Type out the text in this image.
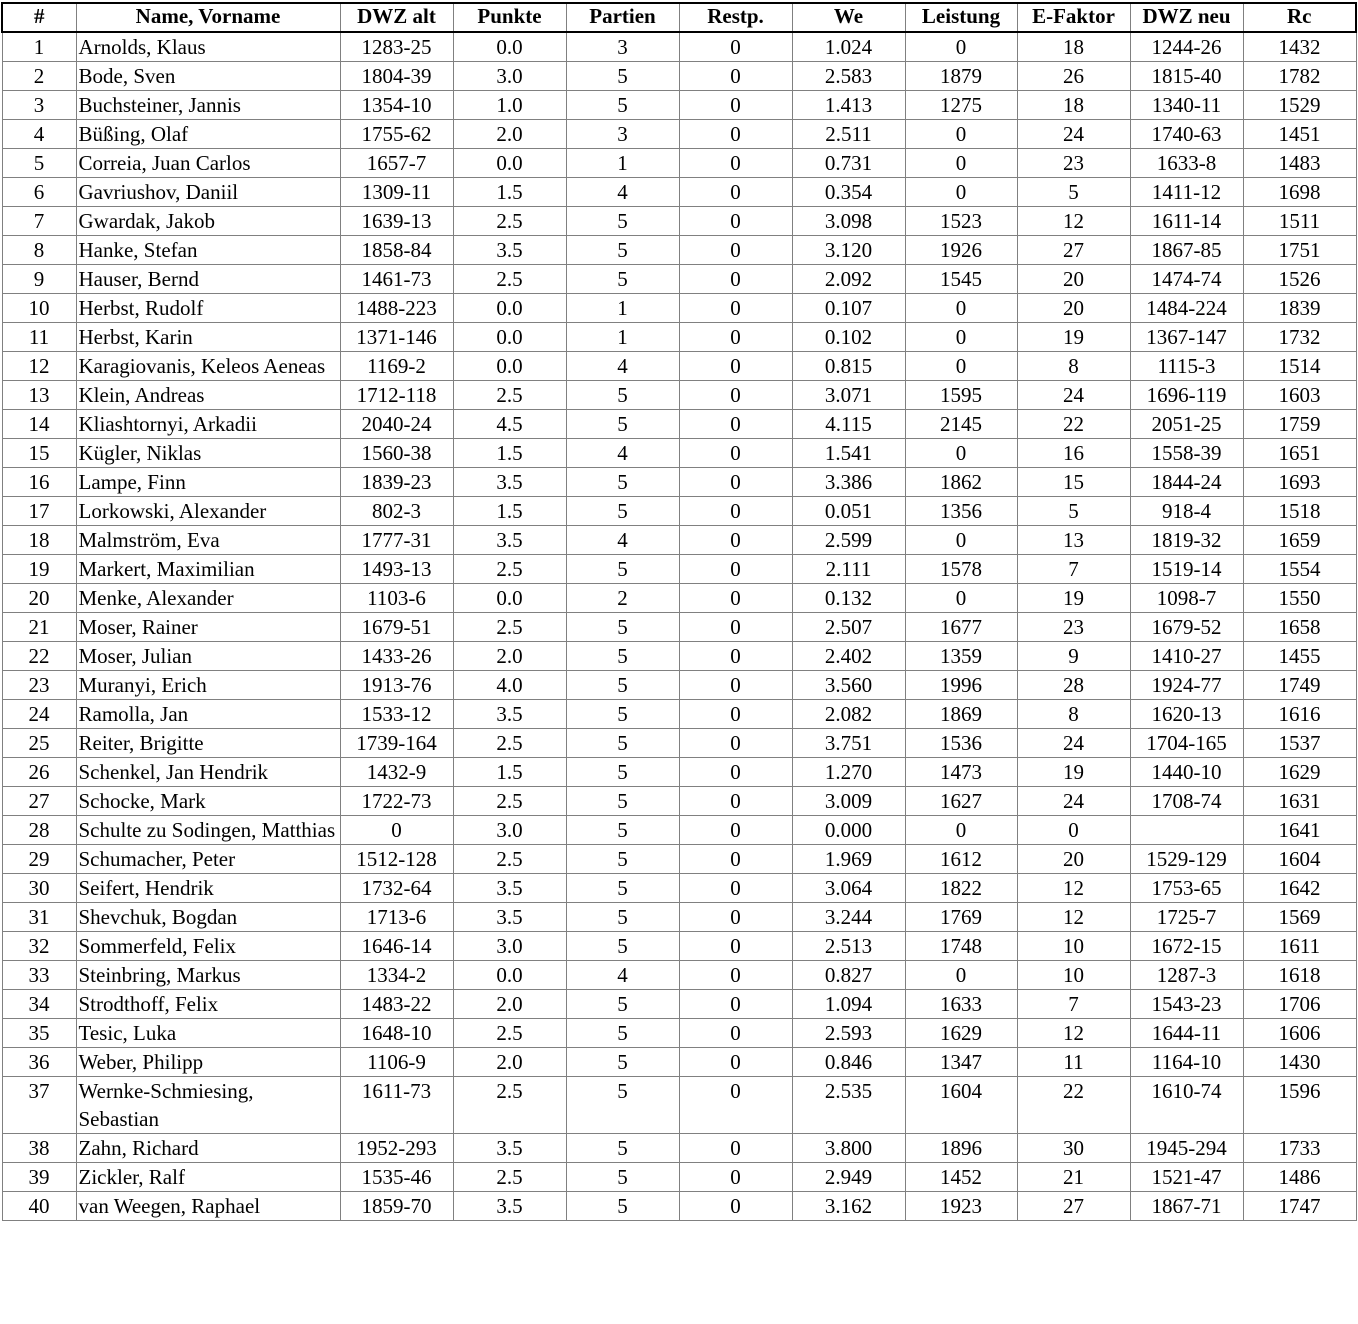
#	Name, Vorname	DWZ alt	Punkte	Partien	Restp.	We	Leistung	E-Faktor	DWZ neu	Rc
1	Arnolds, Klaus	1283-25	0.0	3	0	1.024	0	18	1244-26	1432
2	Bode, Sven	1804-39	3.0	5	0	2.583	1879	26	1815-40	1782
3	Buchsteiner, Jannis	1354-10	1.0	5	0	1.413	1275	18	1340-11	1529
4	Büßing, Olaf	1755-62	2.0	3	0	2.511	0	24	1740-63	1451
5	Correia, Juan Carlos	1657-7	0.0	1	0	0.731	0	23	1633-8	1483
6	Gavriushov, Daniil	1309-11	1.5	4	0	0.354	0	5	1411-12	1698
7	Gwardak, Jakob	1639-13	2.5	5	0	3.098	1523	12	1611-14	1511
8	Hanke, Stefan	1858-84	3.5	5	0	3.120	1926	27	1867-85	1751
9	Hauser, Bernd	1461-73	2.5	5	0	2.092	1545	20	1474-74	1526
10	Herbst, Rudolf	1488-223	0.0	1	0	0.107	0	20	1484-224	1839
11	Herbst, Karin	1371-146	0.0	1	0	0.102	0	19	1367-147	1732
12	Karagiovanis, Keleos Aeneas	1169-2	0.0	4	0	0.815	0	8	1115-3	1514
13	Klein, Andreas	1712-118	2.5	5	0	3.071	1595	24	1696-119	1603
14	Kliashtornyi, Arkadii	2040-24	4.5	5	0	4.115	2145	22	2051-25	1759
15	Kügler, Niklas	1560-38	1.5	4	0	1.541	0	16	1558-39	1651
16	Lampe, Finn	1839-23	3.5	5	0	3.386	1862	15	1844-24	1693
17	Lorkowski, Alexander	802-3	1.5	5	0	0.051	1356	5	918-4	1518
18	Malmström, Eva	1777-31	3.5	4	0	2.599	0	13	1819-32	1659
19	Markert, Maximilian	1493-13	2.5	5	0	2.111	1578	7	1519-14	1554
20	Menke, Alexander	1103-6	0.0	2	0	0.132	0	19	1098-7	1550
21	Moser, Rainer	1679-51	2.5	5	0	2.507	1677	23	1679-52	1658
22	Moser, Julian	1433-26	2.0	5	0	2.402	1359	9	1410-27	1455
23	Muranyi, Erich	1913-76	4.0	5	0	3.560	1996	28	1924-77	1749
24	Ramolla, Jan	1533-12	3.5	5	0	2.082	1869	8	1620-13	1616
25	Reiter, Brigitte	1739-164	2.5	5	0	3.751	1536	24	1704-165	1537
26	Schenkel, Jan Hendrik	1432-9	1.5	5	0	1.270	1473	19	1440-10	1629
27	Schocke, Mark	1722-73	2.5	5	0	3.009	1627	24	1708-74	1631
28	Schulte zu Sodingen, Matthias	0	3.0	5	0	0.000	0	0		1641
29	Schumacher, Peter	1512-128	2.5	5	0	1.969	1612	20	1529-129	1604
30	Seifert, Hendrik	1732-64	3.5	5	0	3.064	1822	12	1753-65	1642
31	Shevchuk, Bogdan	1713-6	3.5	5	0	3.244	1769	12	1725-7	1569
32	Sommerfeld, Felix	1646-14	3.0	5	0	2.513	1748	10	1672-15	1611
33	Steinbring, Markus	1334-2	0.0	4	0	0.827	0	10	1287-3	1618
34	Strodthoff, Felix	1483-22	2.0	5	0	1.094	1633	7	1543-23	1706
35	Tesic, Luka	1648-10	2.5	5	0	2.593	1629	12	1644-11	1606
36	Weber, Philipp	1106-9	2.0	5	0	0.846	1347	11	1164-10	1430
37	Wernke-Schmiesing, Sebastian	1611-73	2.5	5	0	2.535	1604	22	1610-74	1596
38	Zahn, Richard	1952-293	3.5	5	0	3.800	1896	30	1945-294	1733
39	Zickler, Ralf	1535-46	2.5	5	0	2.949	1452	21	1521-47	1486
40	van Weegen, Raphael	1859-70	3.5	5	0	3.162	1923	27	1867-71	1747
